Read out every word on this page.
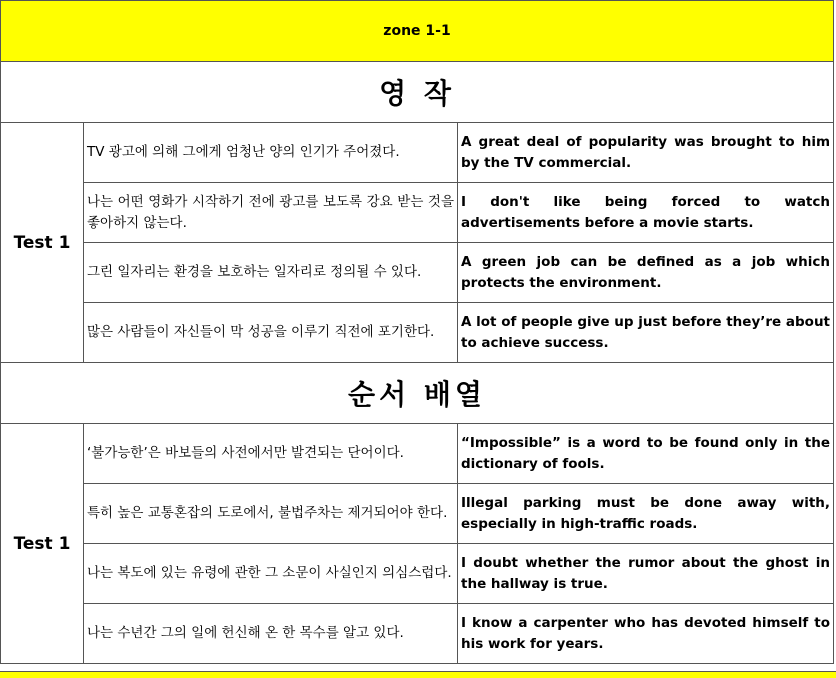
zone 1-1		
영 작		
Test 1	TV 광고에 의해 그에게 엄청난 양의 인기가 주어졌다.	A great deal of popularity was brought to him by the TV commercial.
	나는 어떤 영화가 시작하기 전에 광고를 보도록 강요 받는 것을 좋아하지 않는다.	I don't like being forced to watch advertisements before a movie starts.
	그린 일자리는 환경을 보호하는 일자리로 정의될 수 있다.	A green job can be defined as a job which protects the environment.
	많은 사람들이 자신들이 막 성공을 이루기 직전에 포기한다.	A lot of people give up just before they’re about to achieve success.
순서 배열		
Test 1	‘불가능한’은 바보들의 사전에서만 발견되는 단어이다.	“Impossible” is a word to be found only in the dictionary of fools.
	특히 높은 교통혼잡의 도로에서, 불법주차는 제거되어야 한다.	Illegal parking must be done away with, especially in high-traffic roads.
	나는 복도에 있는 유령에 관한 그 소문이 사실인지 의심스럽다.	I doubt whether the rumor about the ghost in the hallway is true.
	나는 수년간 그의 일에 헌신해 온 한 목수를 알고 있다.	I know a carpenter who has devoted himself to his work for years.
